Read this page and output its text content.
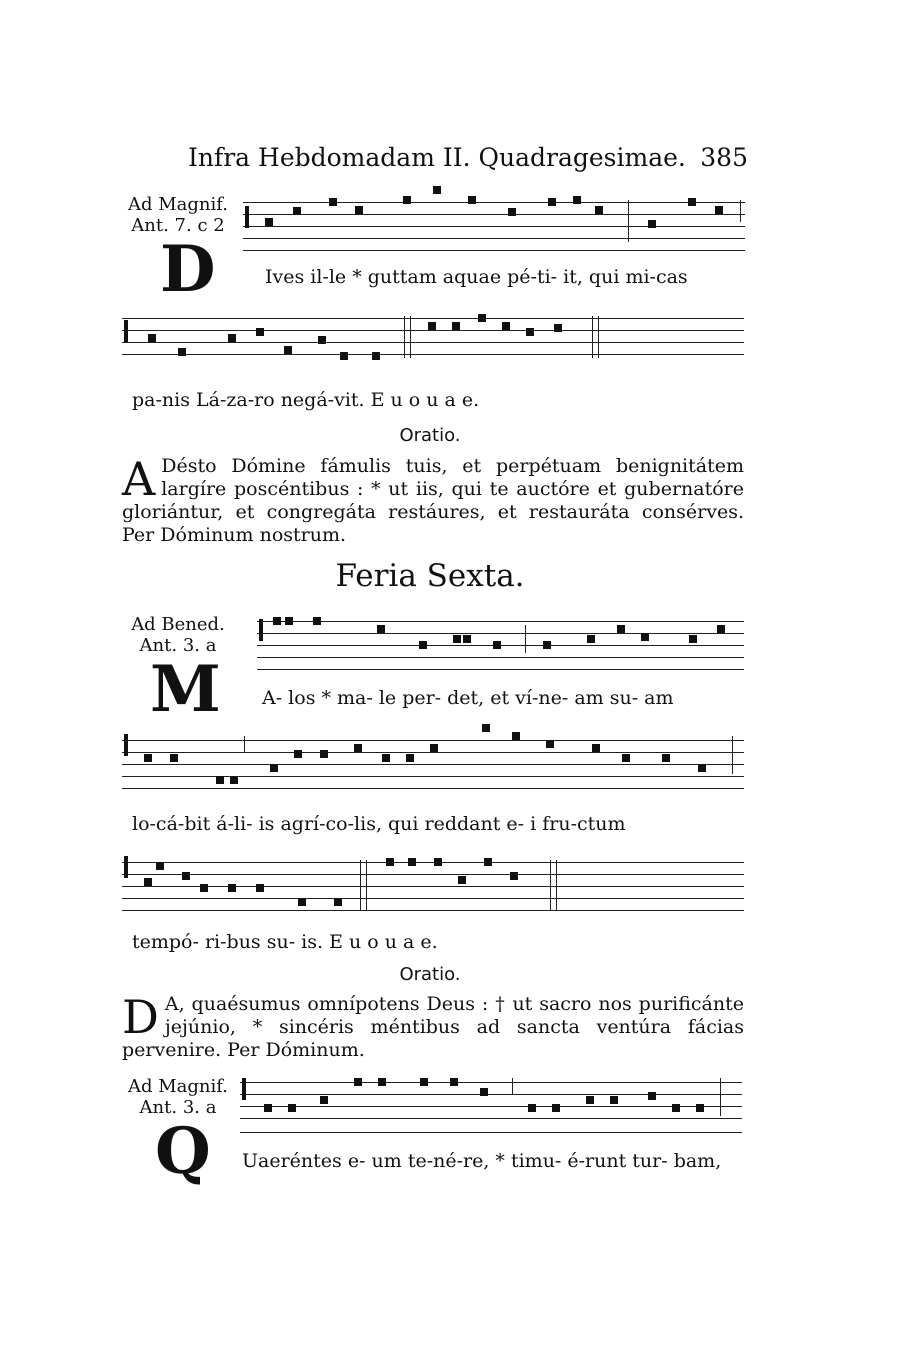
Infra Hebdomadam II. Quadragesimae. 385
Ad Magnif.
Ant. 7. c 2
D	Ives il-le * guttam aquae pé-ti- it, qui mi-cas
pa-nis Lá-za-ro negá-vit. E u o u a e.
Oratio.
A Désto Dómine fámulis tuis, et perpétuam benignitátem largíre poscéntibus : * ut iis, qui te auctóre et gubernatóre gloriántur, et congregáta restáures, et restauráta consérves. Per Dóminum nostrum.
Feria Sexta.
Ad Bened.
Ant. 3. a
M A- los * ma- le per- det, et ví-ne- am su- am
lo-cá-bit á-li- is agrí-co-lis, qui reddant e- i fru-ctum
tempó- ri-bus su- is. E u o u a e.
Oratio.
D A, quaésumus omnípotens Deus : † ut sacro nos purificánte jejúnio, * sincéris méntibus ad sancta ventúra fácias pervenire. Per Dóminum.
Ad Magnif.
Ant. 3. a
Q Uaeréntes e- um te-né-re, * timu- é-runt tur- bam,
